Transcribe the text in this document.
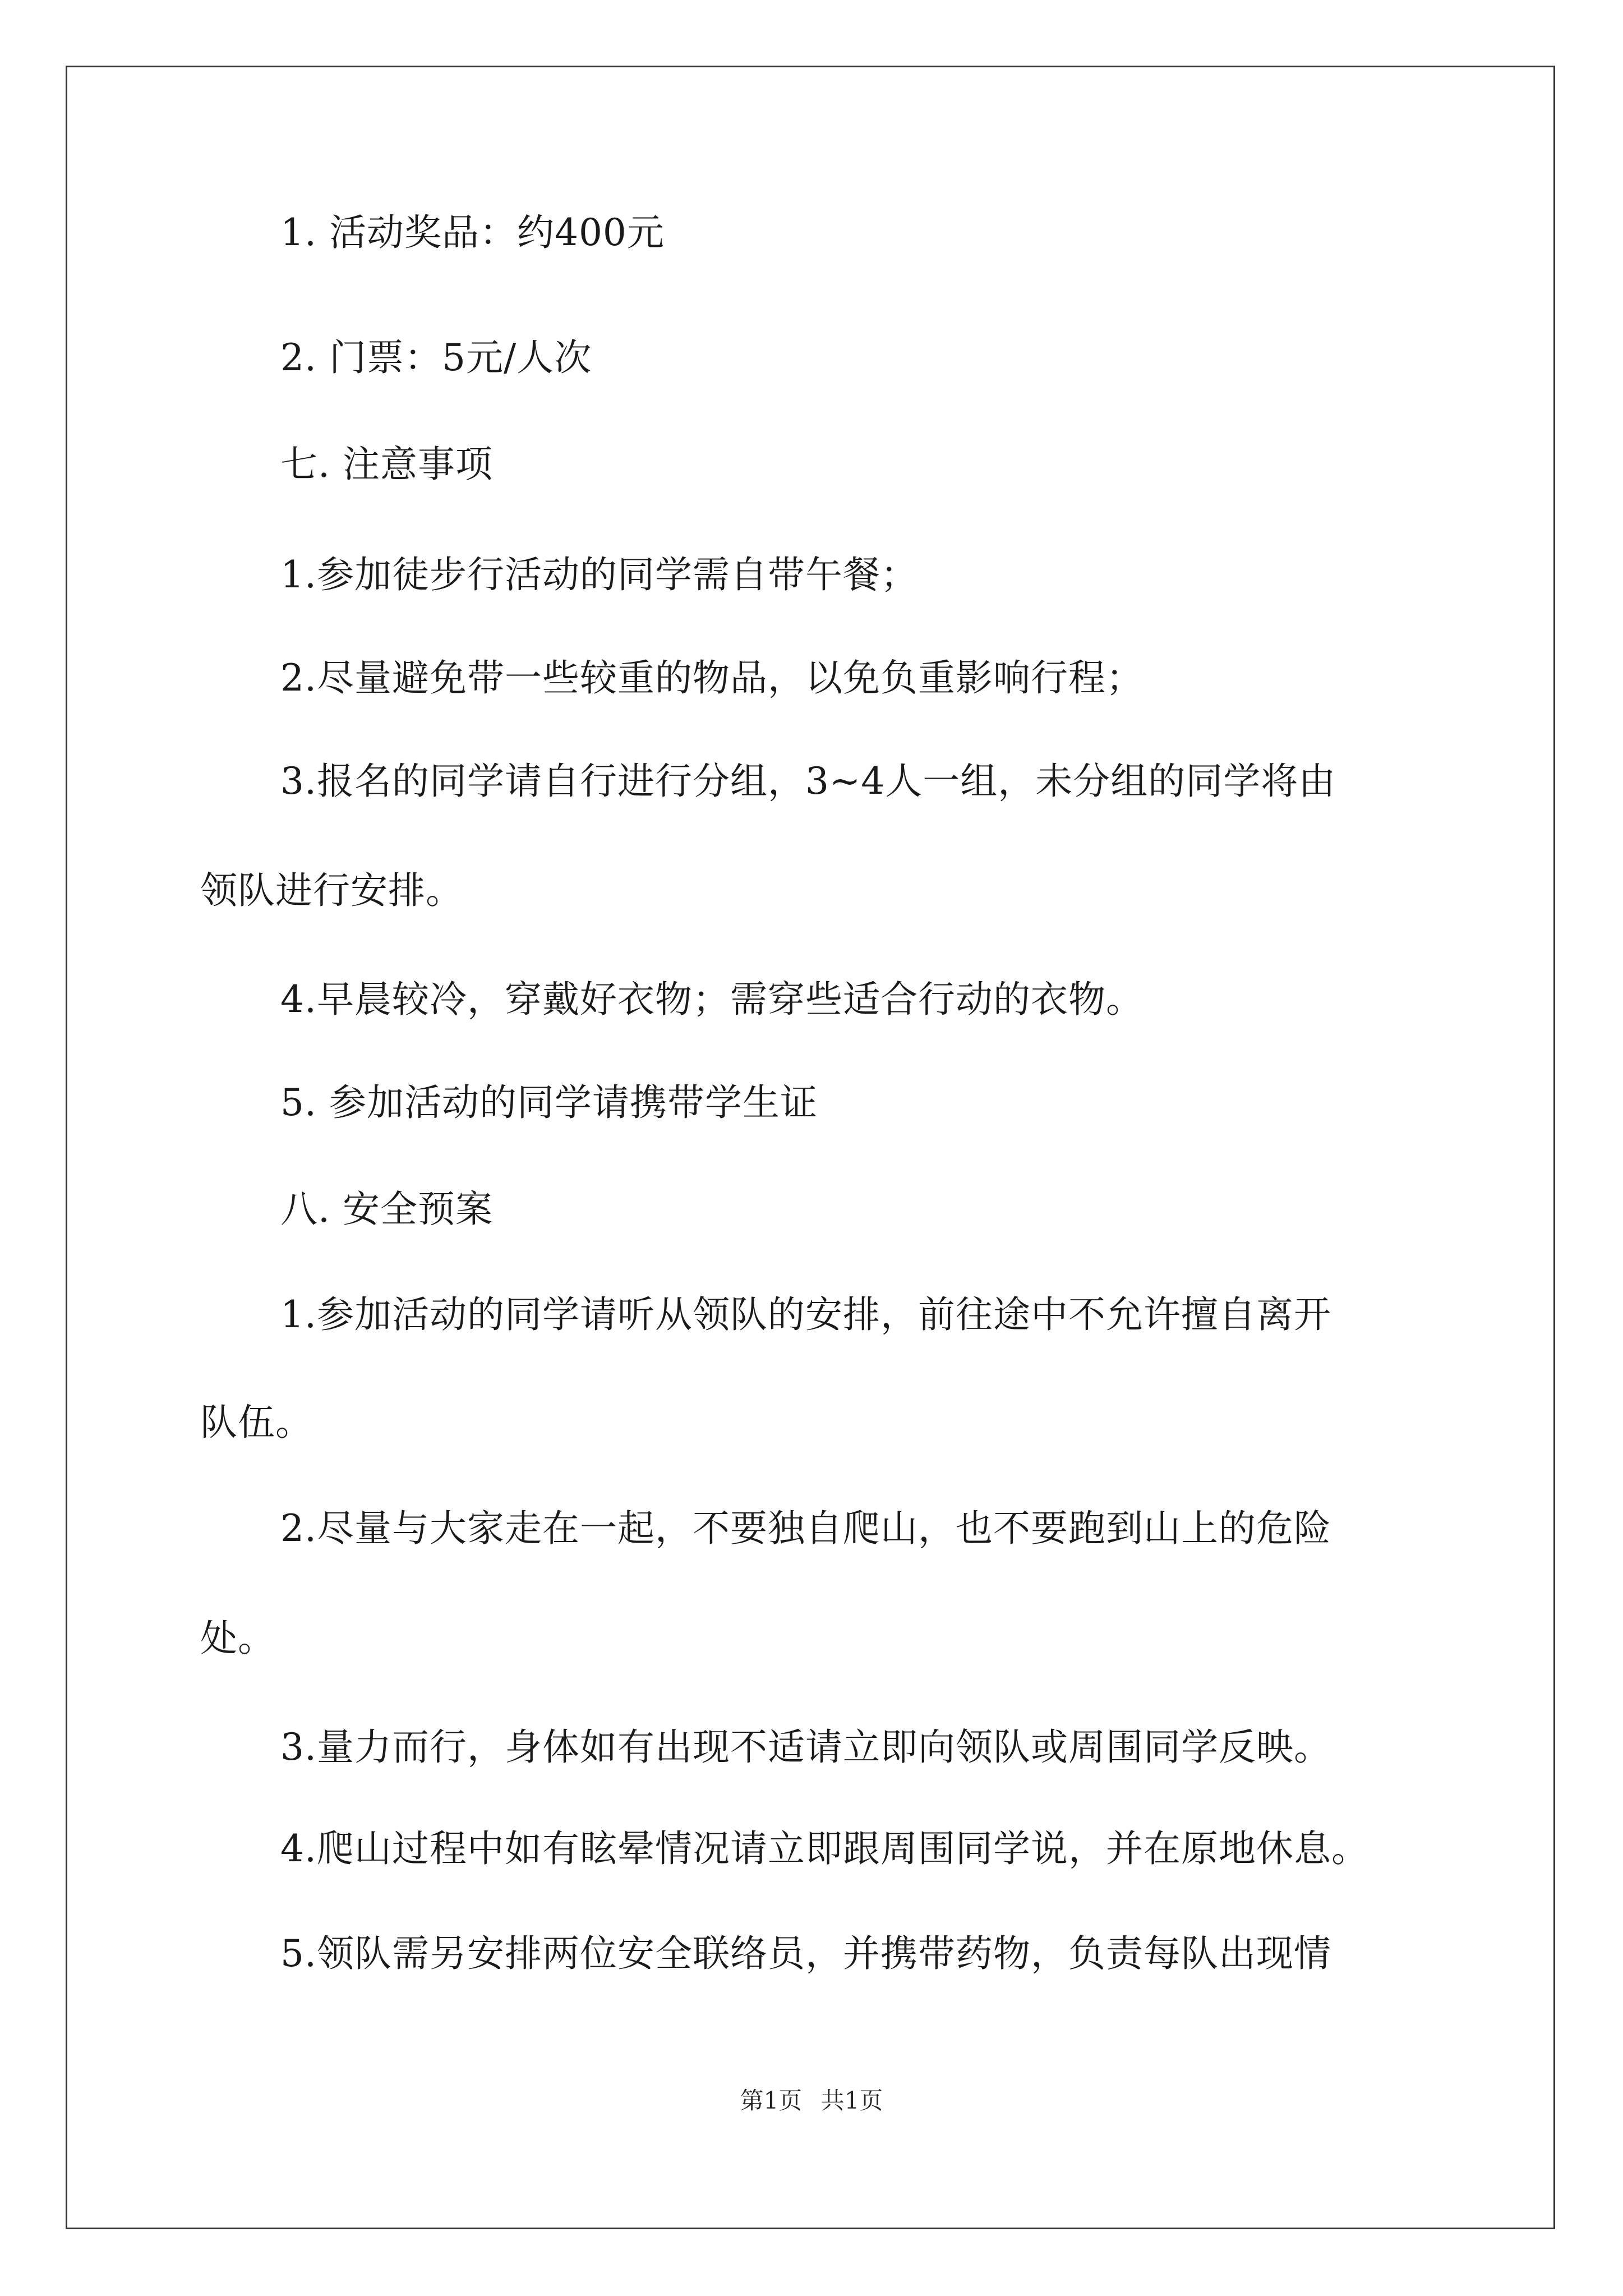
1. 活动奖品：约400元
2. 门票：5元/人次
七. 注意事项
1.参加徒步行活动的同学需自带午餐；
2.尽量避免带一些较重的物品，以免负重影响行程；
3.报名的同学请自行进行分组，3~4人一组，未分组的同学将由
领队进行安排。
4.早晨较冷，穿戴好衣物；需穿些适合行动的衣物。
5. 参加活动的同学请携带学生证
八. 安全预案
1.参加活动的同学请听从领队的安排，前往途中不允许擅自离开
队伍。
2.尽量与大家走在一起，不要独自爬山，也不要跑到山上的危险
处。
3.量力而行，身体如有出现不适请立即向领队或周围同学反映。
4.爬山过程中如有眩晕情况请立即跟周围同学说，并在原地休息。
5.领队需另安排两位安全联络员，并携带药物，负责每队出现情
第1页 共1页
